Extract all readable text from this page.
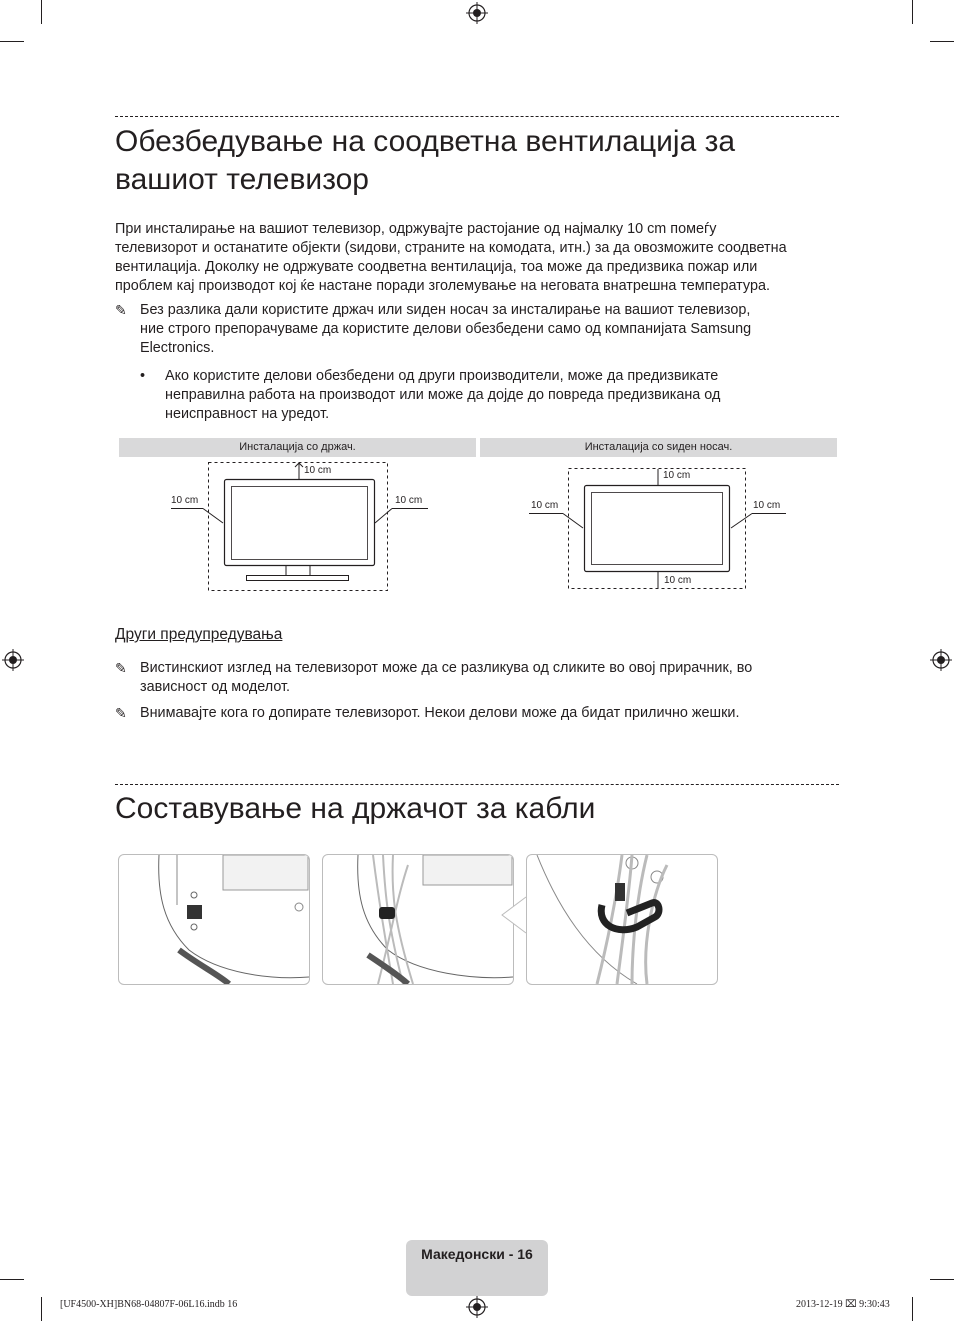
Обезбедување на соодветна вентилација за
вашиот телевизор

При инсталирање на вашиот телевизор, одржувајте растојание од најмалку 10 cm помеѓу
телевизорот и останатите објекти (ѕидови, страните на комодата, итн.) за да овозможите соодветна
вентилација. Доколку не одржувате соодветна вентилација, тоа може да предизвика пожар или
проблем кај производот кој ќе настане поради зголемување на неговата внатрешна температура.

✎ Без разлика дали користите држач или ѕиден носач за инсталирање на вашиот телевизор,
ние строго препорачуваме да користите делови обезбедени само од компанијата Samsung
Electronics.
• Ако користите делови обезбедени од други производители, може да предизвикате
неправилна работа на производот или може да дојде до повреда предизвикана од
неисправност на уредот.
Инсталација со држач.	Инсталација со ѕиден носач.
10 cm
10 cm	10 cm
10 cm
10 cm	10 cm
10 cm
Други предупредувања
✎ Вистинскиот изглед на телевизорот може да се разликува од сликите во овој прирачник, во
зависност од моделот.
✎ Внимавајте кога го допирате телевизорот. Некои делови може да бидат прилично жешки.
Составување на држачот за кабли
Македонски - 16
[UF4500-XH]BN68-04807F-06L16.indb 16	2013-12-19 ⌧ 9:30:43
